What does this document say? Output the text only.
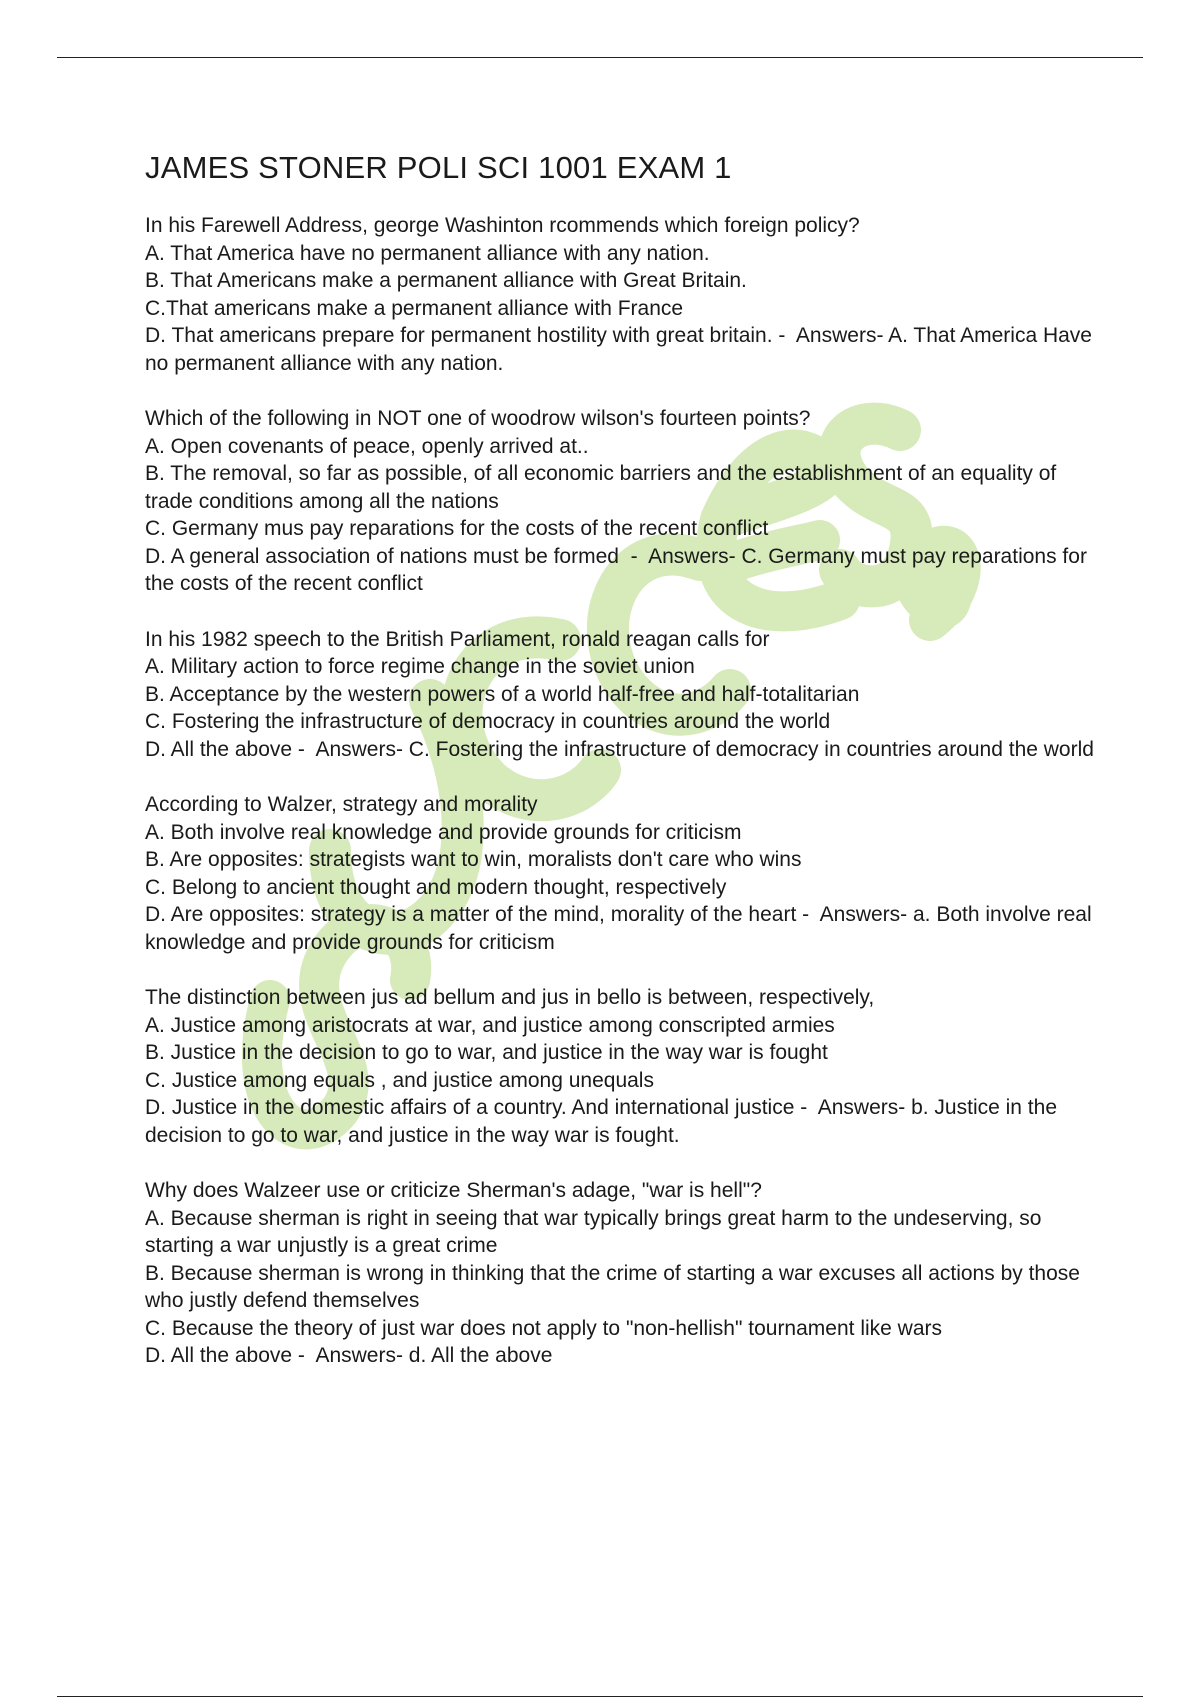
JAMES STONER POLI SCI 1001 EXAM 1
In his Farewell Address, george Washinton rcommends which foreign policy?
A. That America have no permanent alliance with any nation.
B. That Americans make a permanent alliance with Great Britain.
C.That americans make a permanent alliance with France
D. That americans prepare for permanent hostility with great britain. -  Answers- A. That America Have no permanent alliance with any nation.
Which of the following in NOT one of woodrow wilson's fourteen points?
A. Open covenants of peace, openly arrived at..
B. The removal, so far as possible, of all economic barriers and the establishment of an equality of trade conditions among all the nations
C. Germany mus pay reparations for the costs of the recent conflict
D. A general association of nations must be formed  -  Answers- C. Germany must pay reparations for the costs of the recent conflict
In his 1982 speech to the British Parliament, ronald reagan calls for
A. Military action to force regime change in the soviet union
B. Acceptance by the western powers of a world half-free and half-totalitarian
C. Fostering the infrastructure of democracy in countries around the world
D. All the above -  Answers- C. Fostering the infrastructure of democracy in countries around the world
According to Walzer, strategy and morality
A. Both involve real knowledge and provide grounds for criticism
B. Are opposites: strategists want to win, moralists don't care who wins
C. Belong to ancient thought and modern thought, respectively
D. Are opposites: strategy is a matter of the mind, morality of the heart -  Answers- a. Both involve real knowledge and provide grounds for criticism
The distinction between jus ad bellum and jus in bello is between, respectively,
A. Justice among aristocrats at war, and justice among conscripted armies
B. Justice in the decision to go to war, and justice in the way war is fought
C. Justice among equals , and justice among unequals
D. Justice in the domestic affairs of a country. And international justice -  Answers- b. Justice in the decision to go to war, and justice in the way war is fought.
Why does Walzeer use or criticize Sherman's adage, "war is hell"?
A. Because sherman is right in seeing that war typically brings great harm to the undeserving, so starting a war unjustly is a great crime
B. Because sherman is wrong in thinking that the crime of starting a war excuses all actions by those who justly defend themselves
C. Because the theory of just war does not apply to "non-hellish" tournament like wars
D. All the above -  Answers- d. All the above
